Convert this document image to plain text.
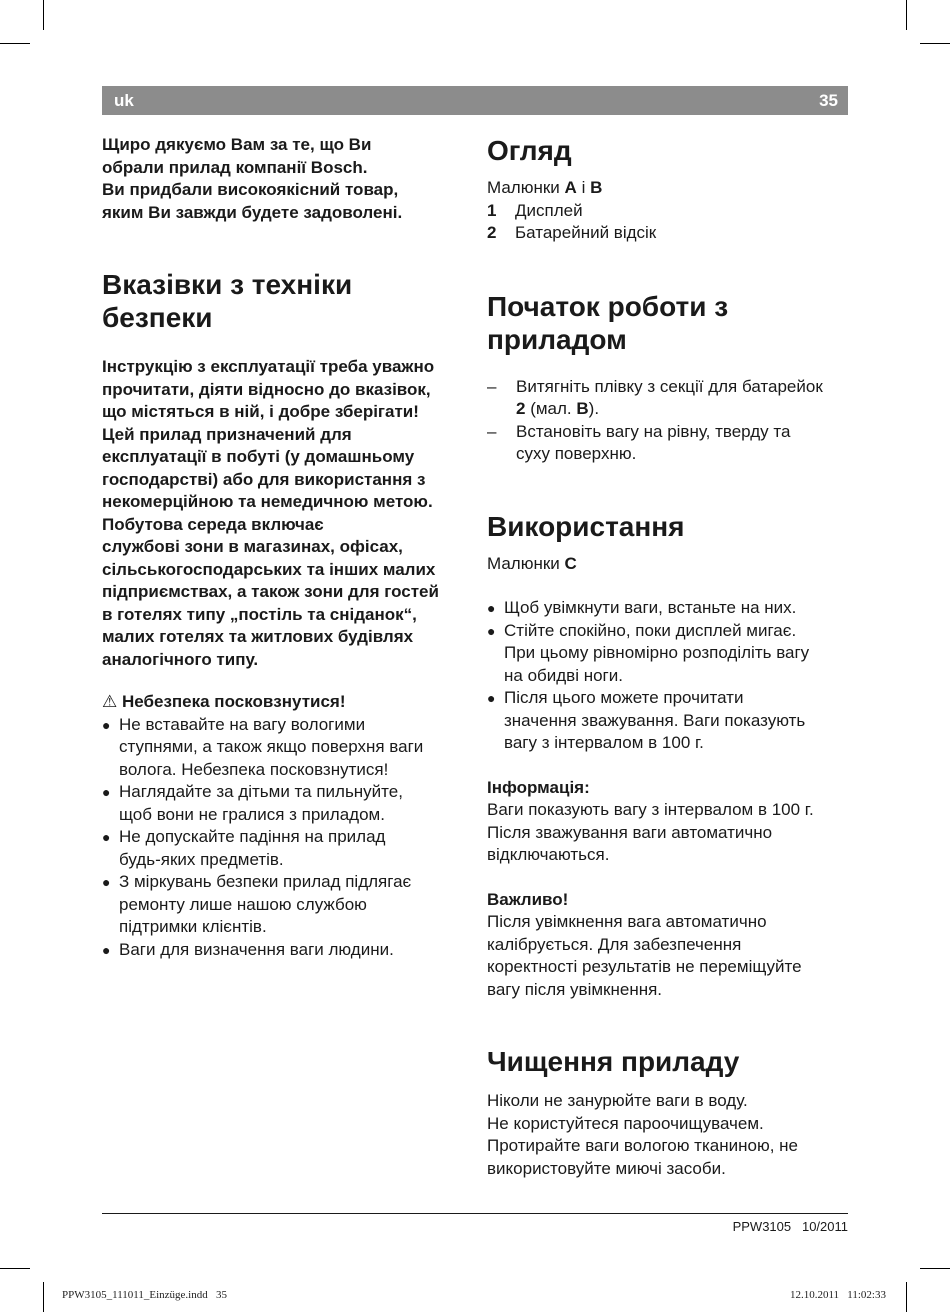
uk	35

Щиро дякуємо Вам за те, що Ви
обрали прилад компанії Bosch.
Ви придбали високоякісний товар,
яким Ви завжди будете задоволені.

Вказівки з техніки
безпеки

Інструкцію з експлуатації треба уважно
прочитати, діяти відносно до вказівок,
що містяться в ній, і добре зберігати!
Цей прилад призначений для
експлуатації в побуті (у домашньому
господарстві) або для використання з
некомерційною та немедичною метою.
Побутова середа включає
службові зони в магазинах, офісах,
сільськогосподарських та інших малих
підприємствах, а також зони для гостей
в готелях типу „постіль та сніданок“,
малих готелях та житлових будівлях
аналогічного типу.

⚠ Небезпека посковзнутися!

● Не вставайте на вагу вологими
ступнями, а також якщо поверхня ваги
волога. Небезпека посковзнутися!
● Наглядайте за дітьми та пильнуйте,
щоб вони не гралися з приладом.
● Не допускайте падіння на прилад
будь-яких предметів.
● З міркувань безпеки прилад підлягає
ремонту лише нашою службою
підтримки клієнтів.
● Ваги для визначення ваги людини.
Огляд

Малюнки A і B

1 Дисплей
2 Батарейний відсік
Початок роботи з
приладом
– Витягніть плівку з секції для батарейок
2 (мал. B).
– Встановіть вагу на рівну, тверду та
суху поверхню.
Використання

Малюнки C

● Щоб увімкнути ваги, встаньте на них.
● Стійте спокійно, поки дисплей мигає.
При цьому рівномірно розподіліть вагу
на обидві ноги.
● Після цього можете прочитати
значення зважування. Ваги показують
вагу з інтервалом в 100 г.

Інформація:

Ваги показують вагу з інтервалом в 100 г.
Після зважування ваги автоматично
відключаються.

Важливо!

Після увімкнення вага автоматично
калібрується. Для забезпечення
коректності результатів не переміщуйте
вагу після увімкнення.

Чищення приладу

Ніколи не занурюйте ваги в воду.
Не користуйтеся пароочищувачем.
Протирайте ваги вологою тканиною, не
використовуйте миючі засоби.

PPW3105 10/2011
PPW3105_111011_Einzüge.indd 35	12.10.2011 11:02:33
